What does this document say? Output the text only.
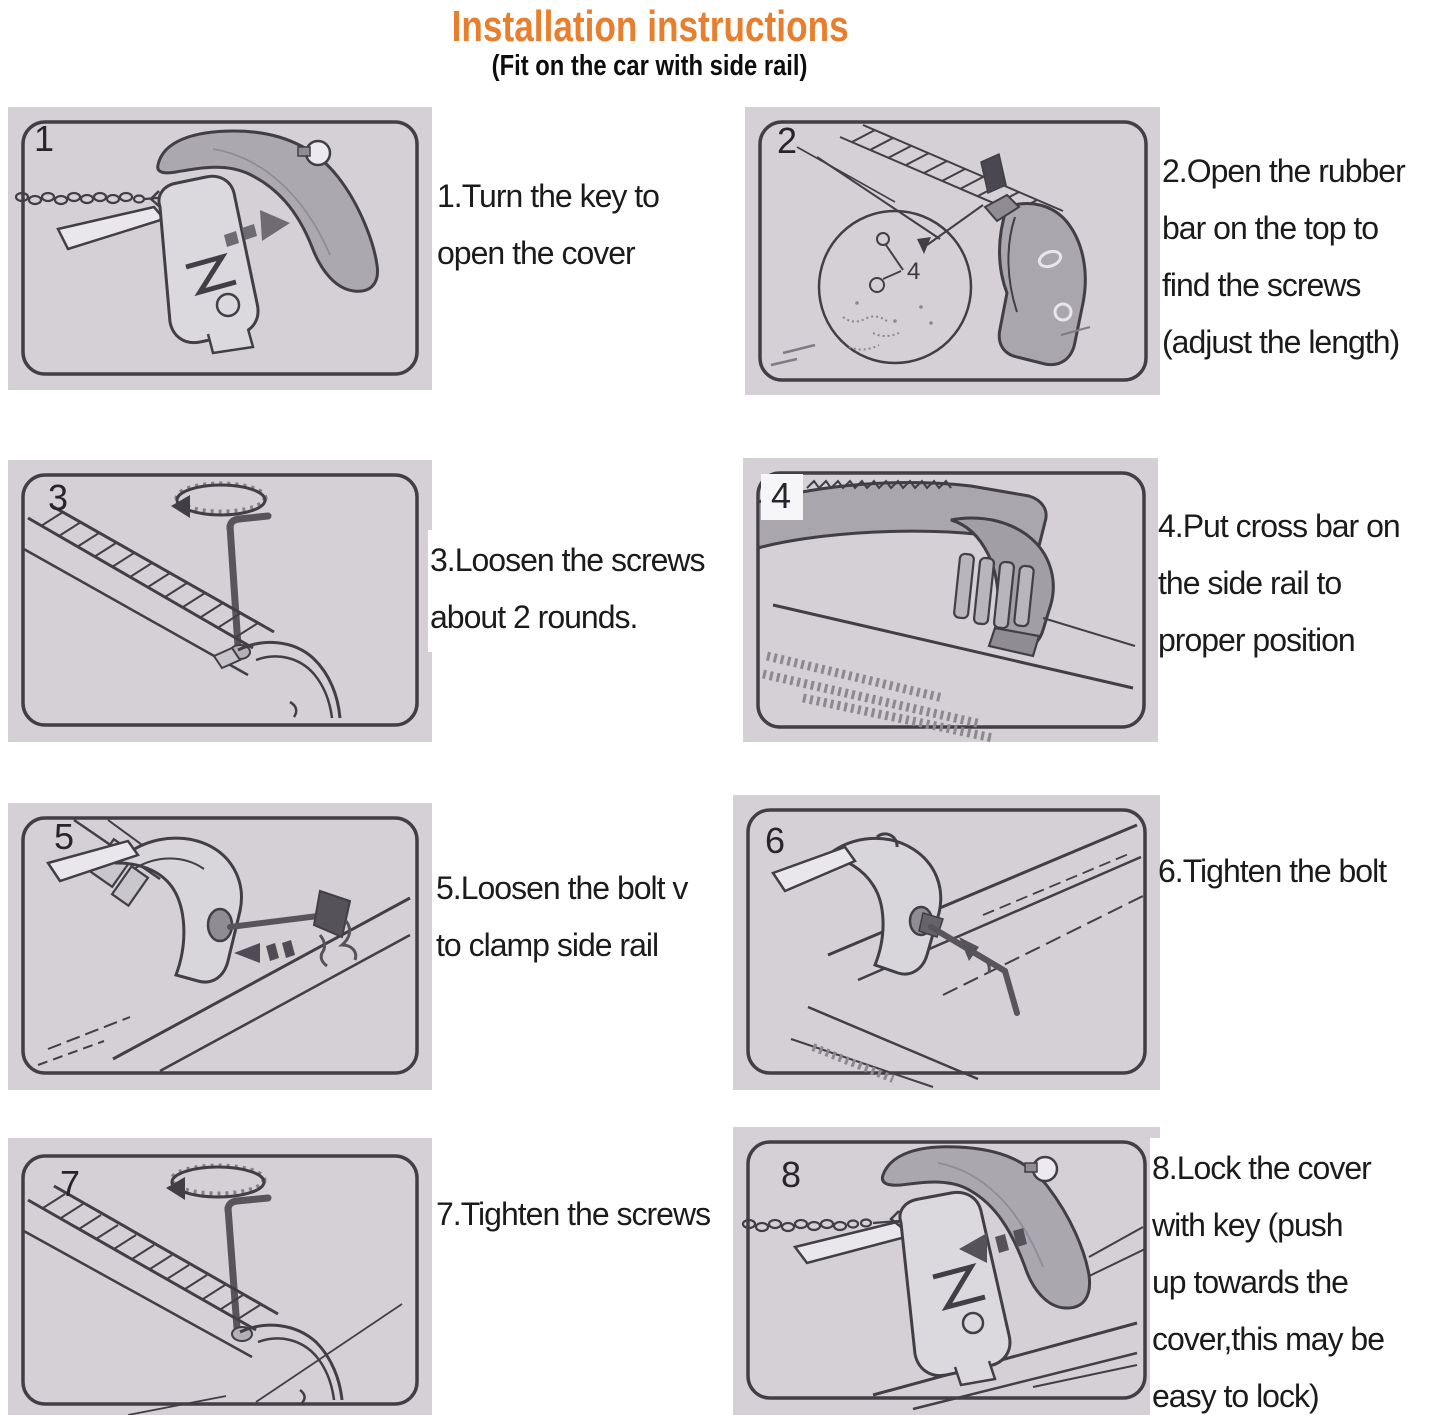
Installation instructions
(Fit on the car with side rail)
1
1.Turn the key to
open the cover
4
2
2.Open the rubber
bar on the top to
find the screws
(adjust the length)
3
3.Loosen the screws
about 2 rounds.
4
4.Put cross bar on
the side rail to
proper position
5
5.Loosen the bolt v
to clamp side rail
6
6.Tighten the bolt
7
7.Tighten the screws
8	8.Lock the cover
with key (push
up towards the
cover,this may be
easy to lock)
